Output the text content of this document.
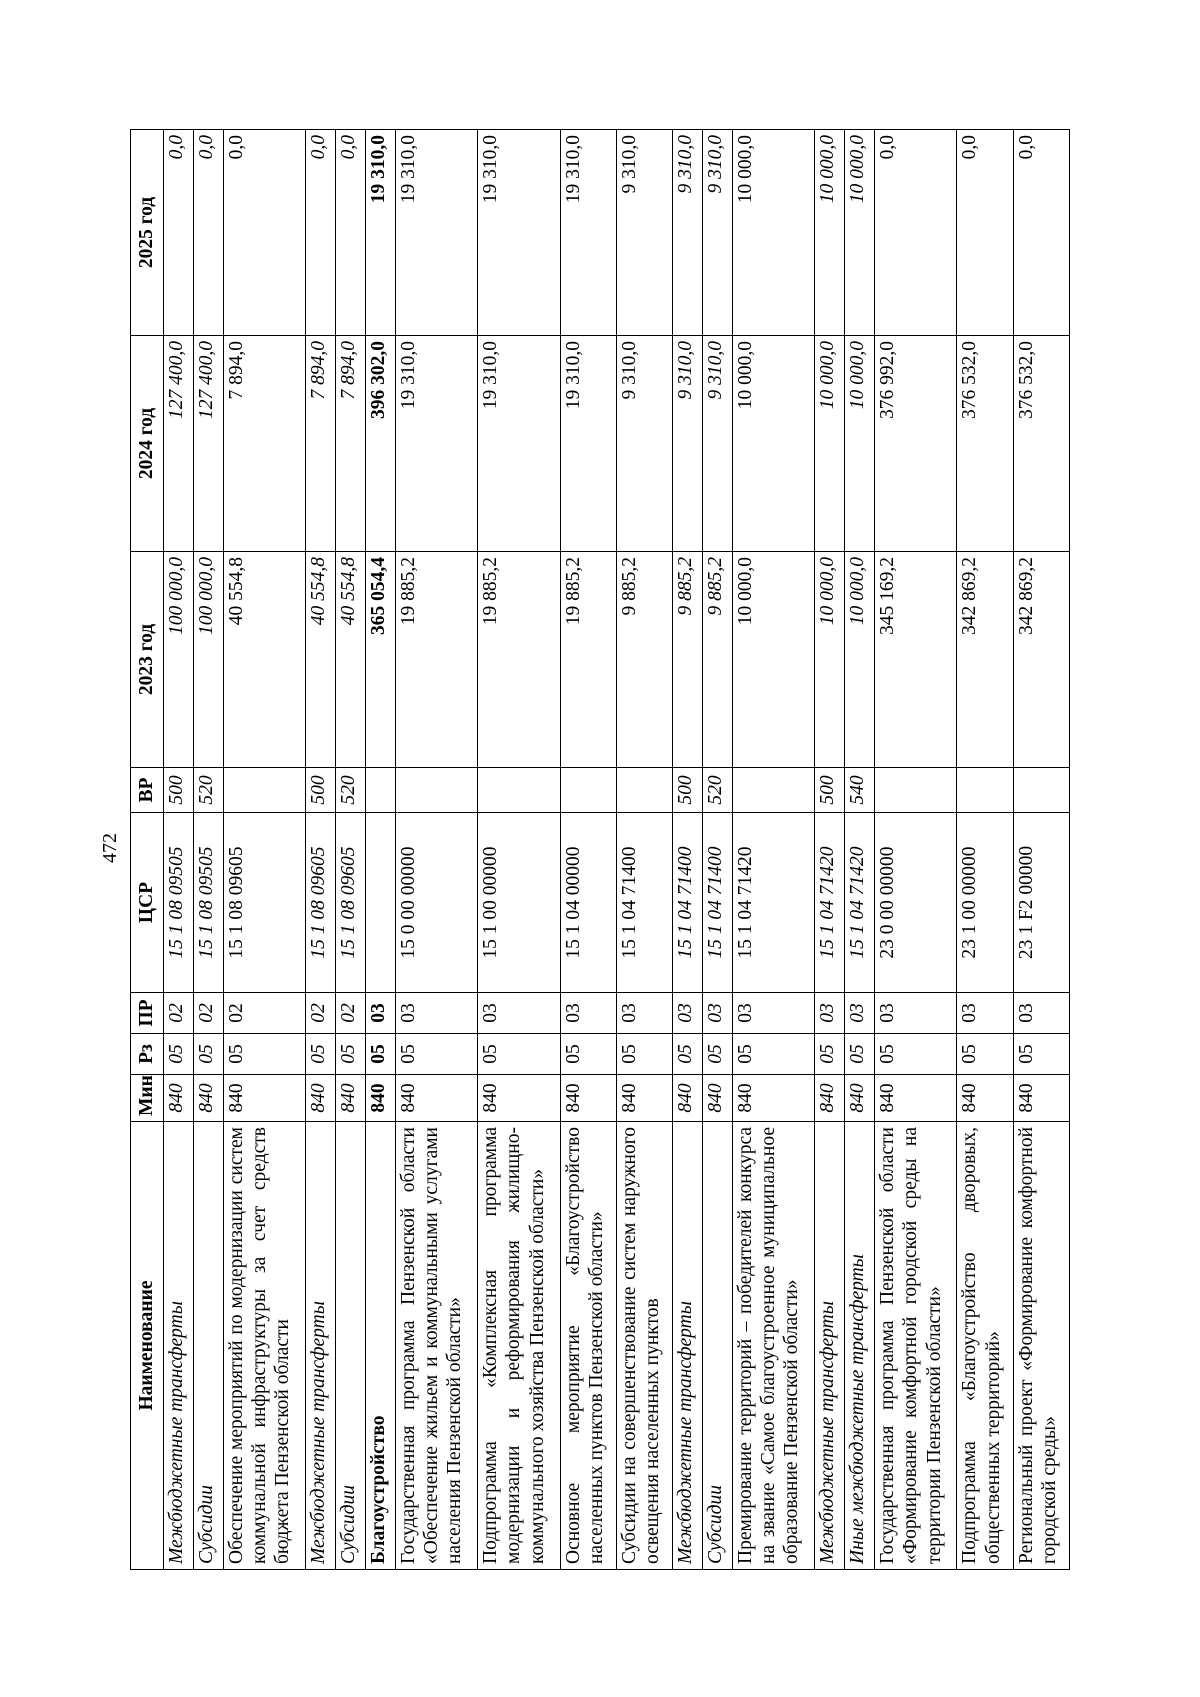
472
Наименование	Мин	Рз	ПР	ЦСР	ВР	2023 год	2024 год	2025 год
Межбюджетные трансферты	840	05	02	15 1 08 09505	500	100 000,0	127 400,0	0,0
Субсидии	840	05	02	15 1 08 09505	520	100 000,0	127 400,0	0,0
Обеспечение мероприятий по модернизации систем коммунальной инфраструктуры за счет средств бюджета Пензенской области	840	05	02	15 1 08 09605		40 554,8	7 894,0	0,0
Межбюджетные трансферты	840	05	02	15 1 08 09605	500	40 554,8	7 894,0	0,0
Субсидии	840	05	02	15 1 08 09605	520	40 554,8	7 894,0	0,0
Благоустройство	840	05	03			365 054,4	396 302,0	19 310,0
Государственная программа Пензенской области «Обеспечение жильем и коммунальными услугами населения Пензенской области»	840	05	03	15 0 00 00000		19 885,2	19 310,0	19 310,0
Подпрограмма «Комплексная программа модернизации и реформирования жилищно-коммунального хозяйства Пензенской области»	840	05	03	15 1 00 00000		19 885,2	19 310,0	19 310,0
Основное мероприятие «Благоустройство населенных пунктов Пензенской области»	840	05	03	15 1 04 00000		19 885,2	19 310,0	19 310,0
Субсидии на совершенствование систем наружного освещения населенных пунктов	840	05	03	15 1 04 71400		9 885,2	9 310,0	9 310,0
Межбюджетные трансферты	840	05	03	15 1 04 71400	500	9 885,2	9 310,0	9 310,0
Субсидии	840	05	03	15 1 04 71400	520	9 885,2	9 310,0	9 310,0
Премирование территорий – победителей конкурса на звание «Самое благоустроенное муниципальное образование Пензенской области»	840	05	03	15 1 04 71420		10 000,0	10 000,0	10 000,0
Межбюджетные трансферты	840	05	03	15 1 04 71420	500	10 000,0	10 000,0	10 000,0
Иные межбюджетные трансферты	840	05	03	15 1 04 71420	540	10 000,0	10 000,0	10 000,0
Государственная программа Пензенской области «Формирование комфортной городской среды на территории Пензенской области»	840	05	03	23 0 00 00000		345 169,2	376 992,0	0,0
Подпрограмма «Благоустройство дворовых, общественных территорий»	840	05	03	23 1 00 00000		342 869,2	376 532,0	0,0
Региональный проект «Формирование комфортной городской среды»	840	05	03	23 1 F2 00000		342 869,2	376 532,0	0,0
